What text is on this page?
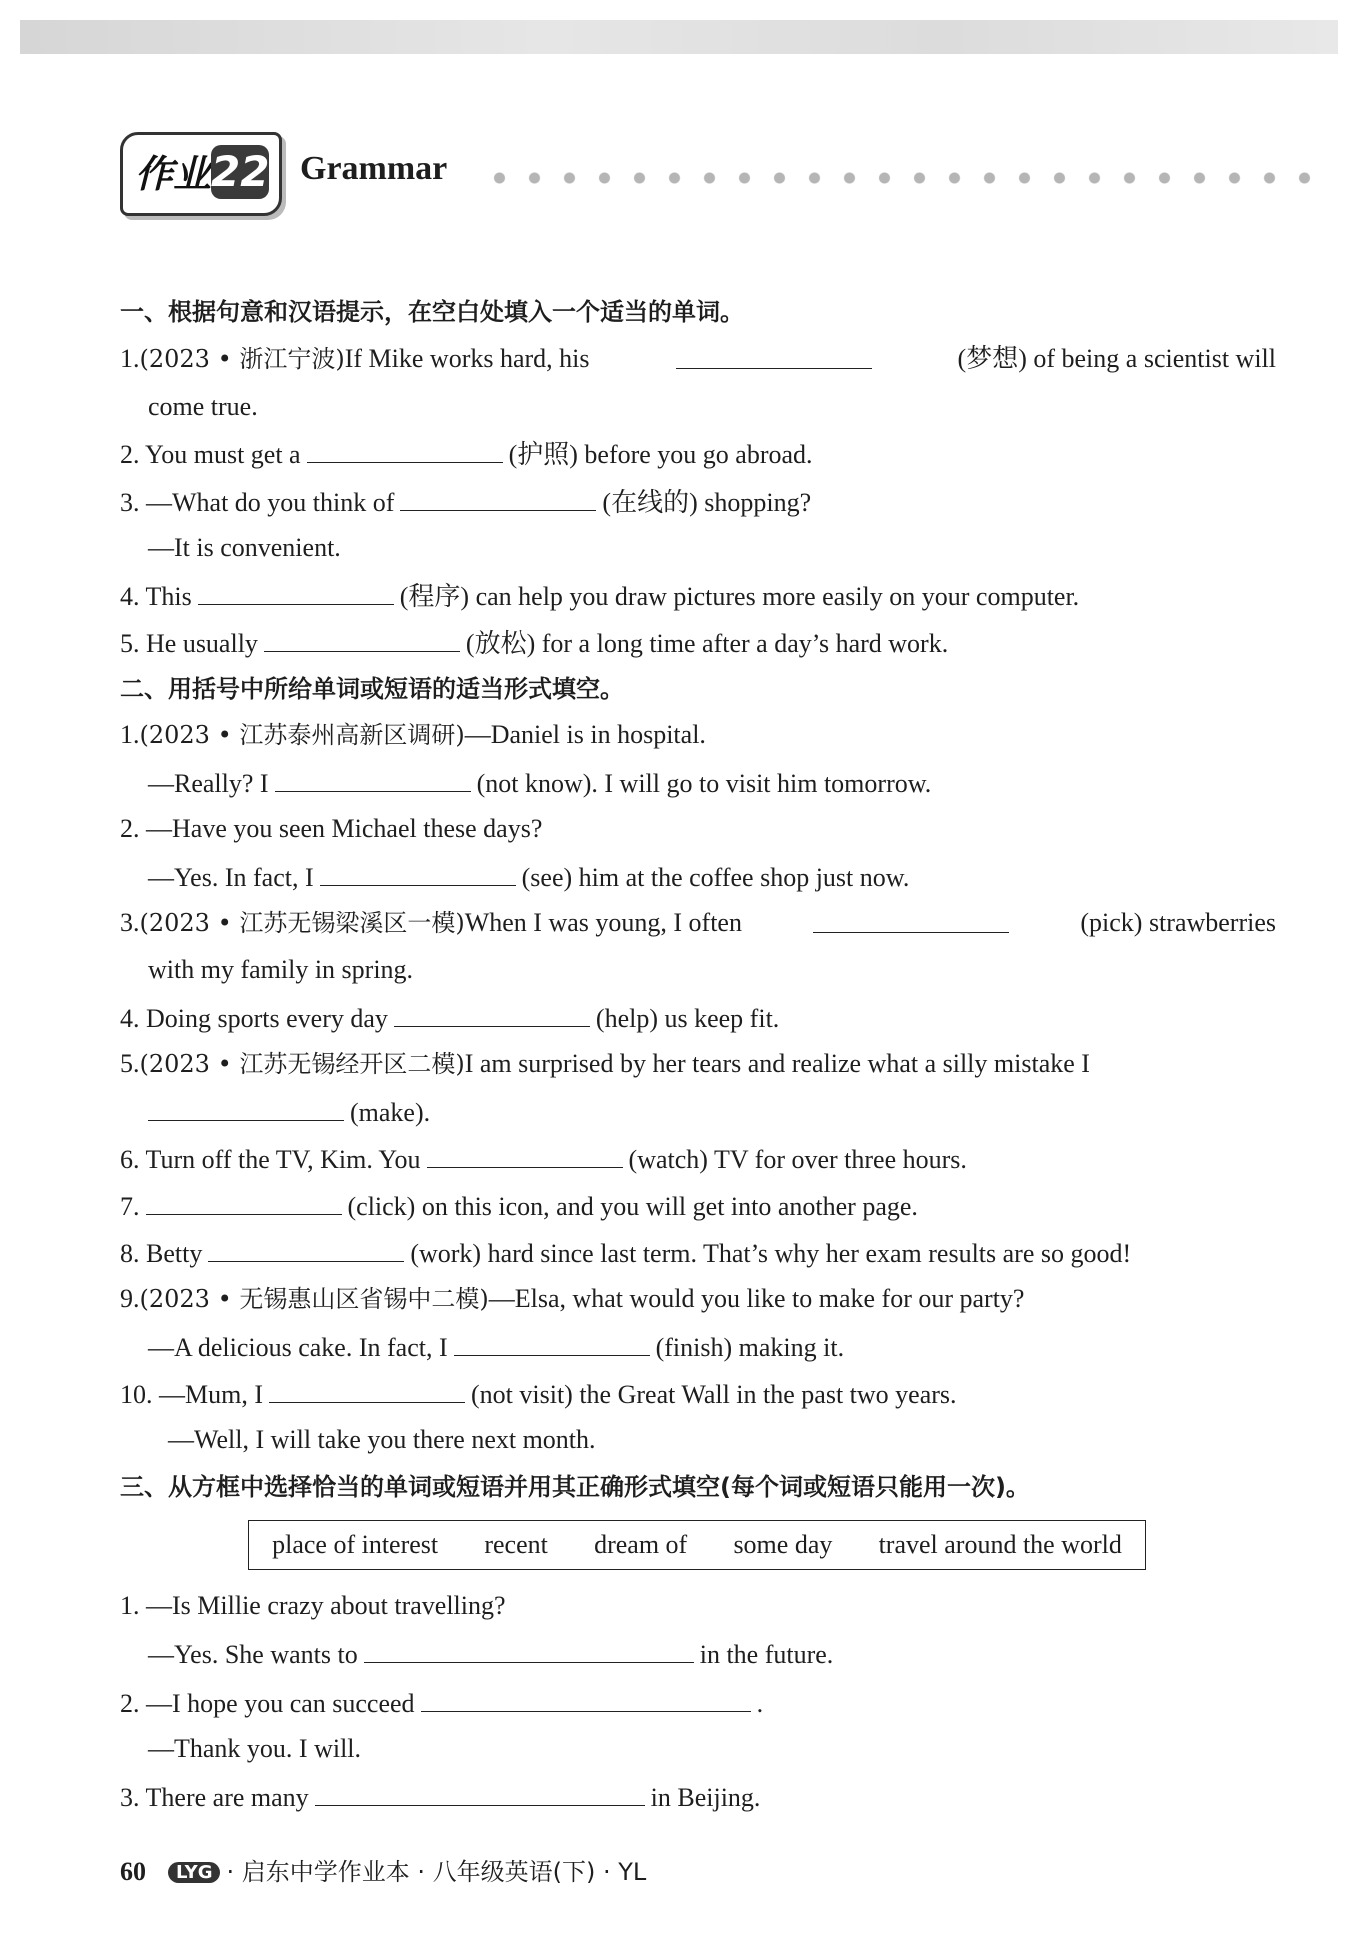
作业 22 Grammar
一、根据句意和汉语提示，在空白处填入一个适当的单词。
1.(2023 • 浙江宁波)If Mike works hard, his	(梦想) of being a scientist will
come true.
2. You must get a	(护照) before you go abroad.
3. —What do you think of	(在线的) shopping?
—It is convenient.
4. This	(程序) can help you draw pictures more easily on your computer.
5. He usually	(放松) for a long time after a day’s hard work.
二、用括号中所给单词或短语的适当形式填空。
1.(2023 • 江苏泰州高新区调研)—Daniel is in hospital.
—Really? I	(not know). I will go to visit him tomorrow.
2. —Have you seen Michael these days?
—Yes. In fact, I	(see) him at the coffee shop just now.
3.(2023 • 江苏无锡梁溪区一模)When I was young, I often	(pick) strawberries
with my family in spring.
4. Doing sports every day	(help) us keep fit.
5.(2023 • 江苏无锡经开区二模)I am surprised by her tears and realize what a silly mistake I
(make).
6. Turn off the TV, Kim. You	(watch) TV for over three hours.
7.	(click) on this icon, and you will get into another page.
8. Betty	(work) hard since last term. That’s why her exam results are so good!
9.(2023 • 无锡惠山区省锡中二模)—Elsa, what would you like to make for our party?
—A delicious cake. In fact, I	(finish) making it.
10. —Mum, I	(not visit) the Great Wall in the past two years.
—Well, I will take you there next month.
三、从方框中选择恰当的单词或短语并用其正确形式填空(每个词或短语只能用一次)。
place of interest recent dream of some day travel around the world
1. —Is Millie crazy about travelling?
—Yes. She wants to	in the future.
2. —I hope you can succeed	.
—Thank you. I will.
3. There are many	in Beijing.
60 LYG · 启东中学作业本 · 八年级英语(下) · YL
